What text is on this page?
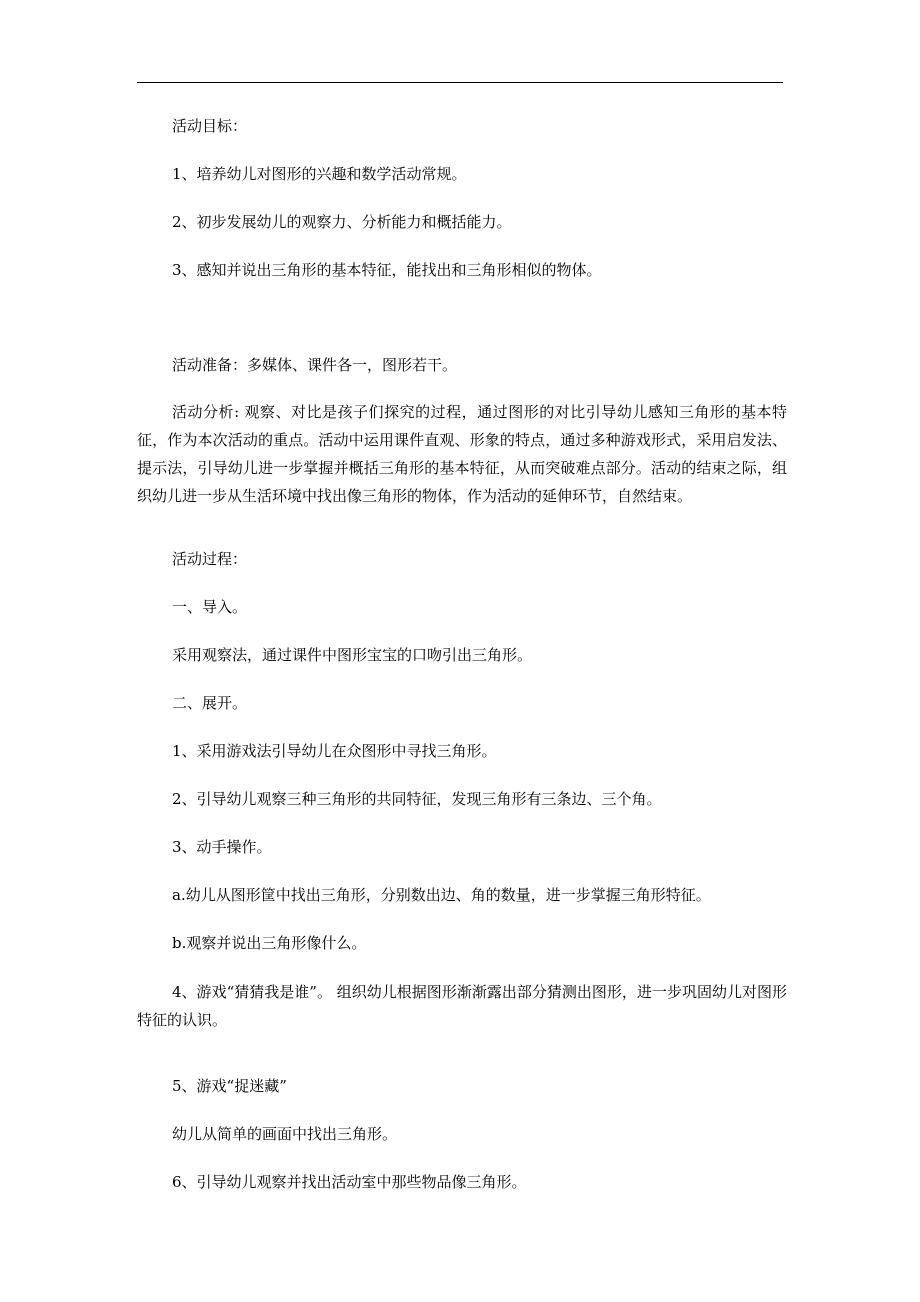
活动目标：
1、培养幼儿对图形的兴趣和数学活动常规。
2、初步发展幼儿的观察力、分析能力和概括能力。
3、感知并说出三角形的基本特征，能找出和三角形相似的物体。
活动准备：多媒体、课件各一，图形若干。
活动分析: 观察、对比是孩子们探究的过程，通过图形的对比引导幼儿感知三角形的基本特征，作为本次活动的重点。活动中运用课件直观、形象的特点，通过多种游戏形式，采用启发法、提示法，引导幼儿进一步掌握并概括三角形的基本特征，从而突破难点部分。活动的结束之际，组织幼儿进一步从生活环境中找出像三角形的物体，作为活动的延伸环节，自然结束。
活动过程：
一、导入。
采用观察法，通过课件中图形宝宝的口吻引出三角形。
二、展开。
1、采用游戏法引导幼儿在众图形中寻找三角形。
2、引导幼儿观察三种三角形的共同特征，发现三角形有三条边、三个角。
3、动手操作。
a.幼儿从图形筐中找出三角形，分别数出边、角的数量，进一步掌握三角形特征。
b.观察并说出三角形像什么。
4、游戏“猜猜我是谁”。 组织幼儿根据图形渐渐露出部分猜测出图形，进一步巩固幼儿对图形特征的认识。
5、游戏“捉迷藏”
幼儿从简单的画面中找出三角形。
6、引导幼儿观察并找出活动室中那些物品像三角形。
